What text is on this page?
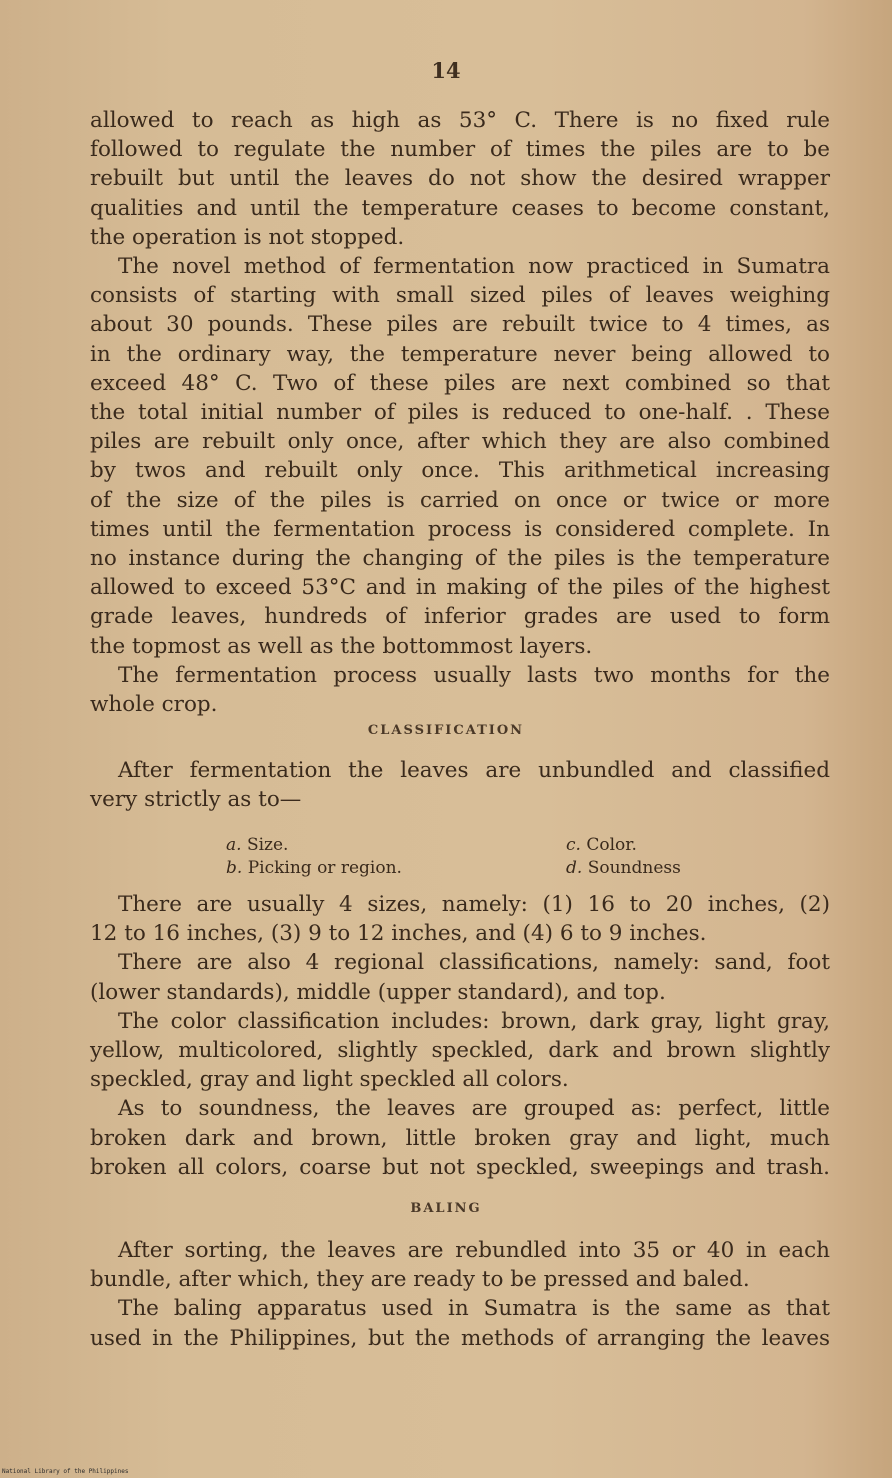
14
allowed to reach as high as 53° C. There is no fixed rule
followed to regulate the number of times the piles are to be
rebuilt but until the leaves do not show the desired wrapper
qualities and until the temperature ceases to become constant,
the operation is not stopped.
The novel method of fermentation now practiced in Sumatra
consists of starting with small sized piles of leaves weighing
about 30 pounds. These piles are rebuilt twice to 4 times, as
in the ordinary way, the temperature never being allowed to
exceed 48° C. Two of these piles are next combined so that
the total initial number of piles is reduced to one-half. . These
piles are rebuilt only once, after which they are also combined
by twos and rebuilt only once. This arithmetical increasing
of the size of the piles is carried on once or twice or more
times until the fermentation process is considered complete. In
no instance during the changing of the piles is the temperature
allowed to exceed 53°C and in making of the piles of the highest
grade leaves, hundreds of inferior grades are used to form
the topmost as well as the bottommost layers.
The fermentation process usually lasts two months for the
whole crop.
CLASSIFICATION
After fermentation the leaves are unbundled and classified
very strictly as to—
a. Size.	c. Color.
b. Picking or region.	d. Soundness
There are usually 4 sizes, namely: (1) 16 to 20 inches, (2)
12 to 16 inches, (3) 9 to 12 inches, and (4) 6 to 9 inches.
There are also 4 regional classifications, namely: sand, foot
(lower standards), middle (upper standard), and top.
The color classification includes: brown, dark gray, light gray,
yellow, multicolored, slightly speckled, dark and brown slightly
speckled, gray and light speckled all colors.
As to soundness, the leaves are grouped as: perfect, little
broken dark and brown, little broken gray and light, much
broken all colors, coarse but not speckled, sweepings and trash.
BALING
After sorting, the leaves are rebundled into 35 or 40 in each
bundle, after which, they are ready to be pressed and baled.
The baling apparatus used in Sumatra is the same as that
used in the Philippines, but the methods of arranging the leaves
National Library of the Philippines
